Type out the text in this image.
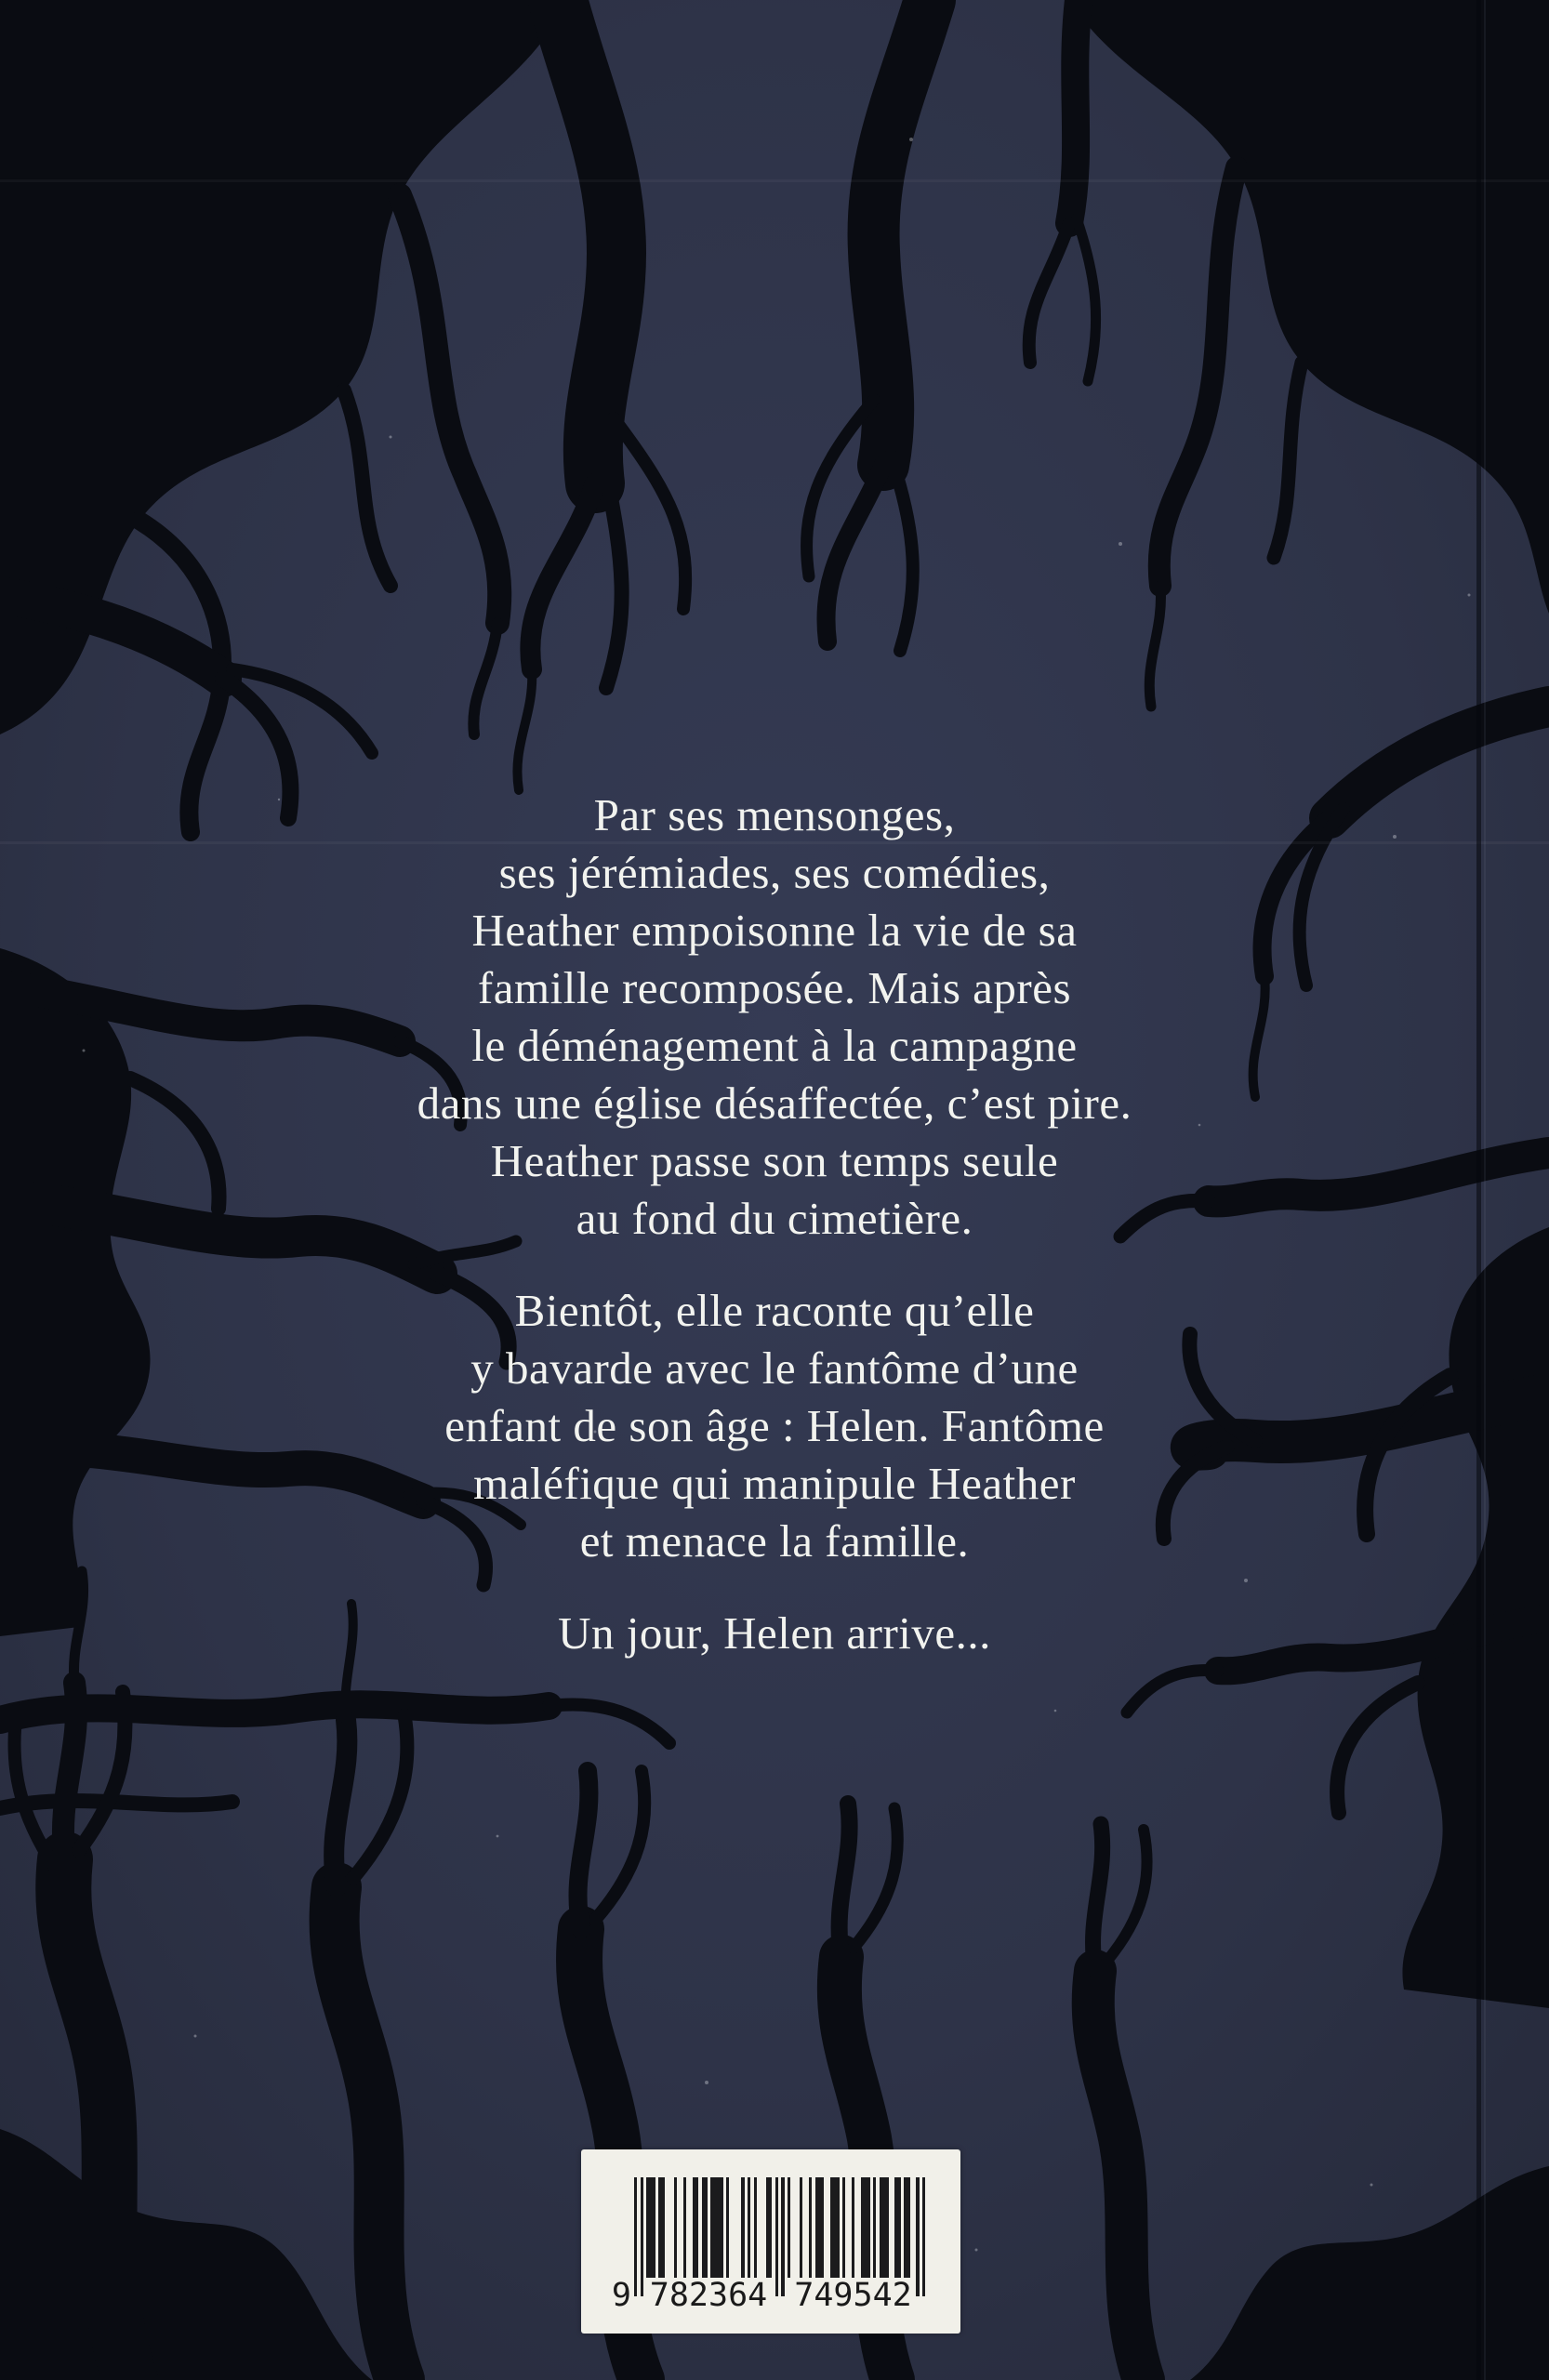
Par ses mensonges,
ses jérémiades, ses comédies,
Heather empoisonne la vie de sa
famille recomposée. Mais après
le déménagement à la campagne
dans une église désaffectée, c’est pire.
Heather passe son temps seule
au fond du cimetière.

Bientôt, elle raconte qu’elle
y bavarde avec le fantôme d’une
enfant de son âge : Helen. Fantôme
maléfique qui manipule Heather
et menace la famille.

Un jour, Helen arrive...

9 782364 749542
